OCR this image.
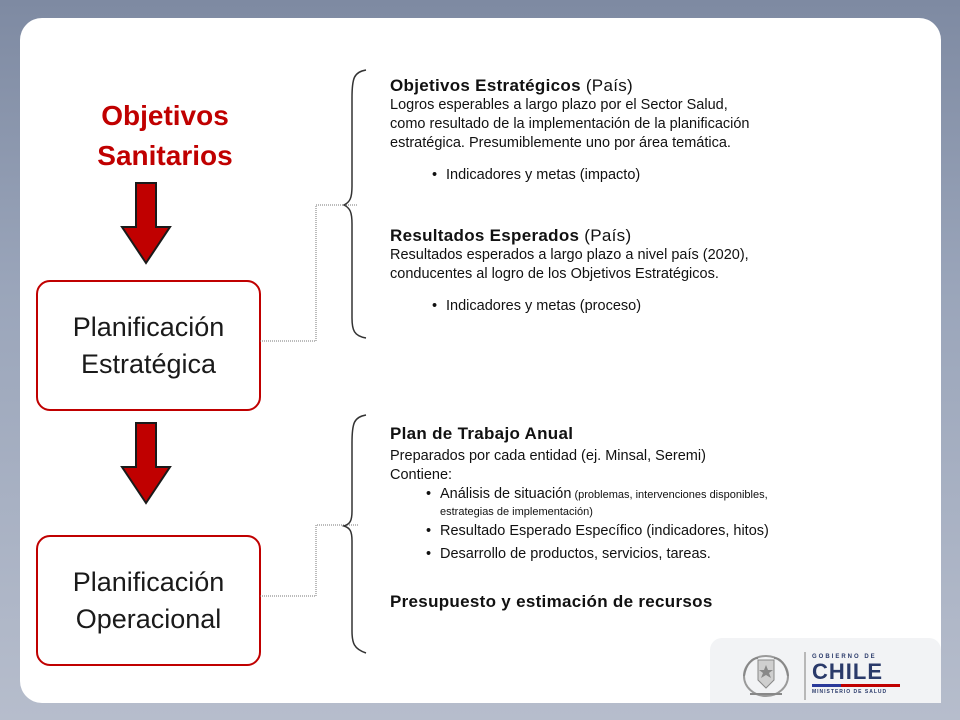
Objetivos
Sanitarios
Planificación
Estratégica
Planificación
Operacional
Objetivos Estratégicos (País)
Logros esperables a largo plazo por el Sector Salud,
como resultado de la implementación de la planificación
estratégica. Presumiblemente uno por área temática.
• Indicadores y metas (impacto)
Resultados Esperados (País)
Resultados esperados a largo plazo a nivel país (2020),
conducentes al logro de los Objetivos Estratégicos.
• Indicadores y metas (proceso)
Plan de Trabajo Anual
Preparados por cada entidad (ej. Minsal, Seremi)
Contiene:
• Análisis de situación (problemas, intervenciones disponibles,
estrategias de implementación)
• Resultado Esperado Específico (indicadores, hitos)
• Desarrollo de productos, servicios, tareas.
Presupuesto y estimación de recursos
GOBIERNO DE
CHILE
MINISTERIO DE SALUD
